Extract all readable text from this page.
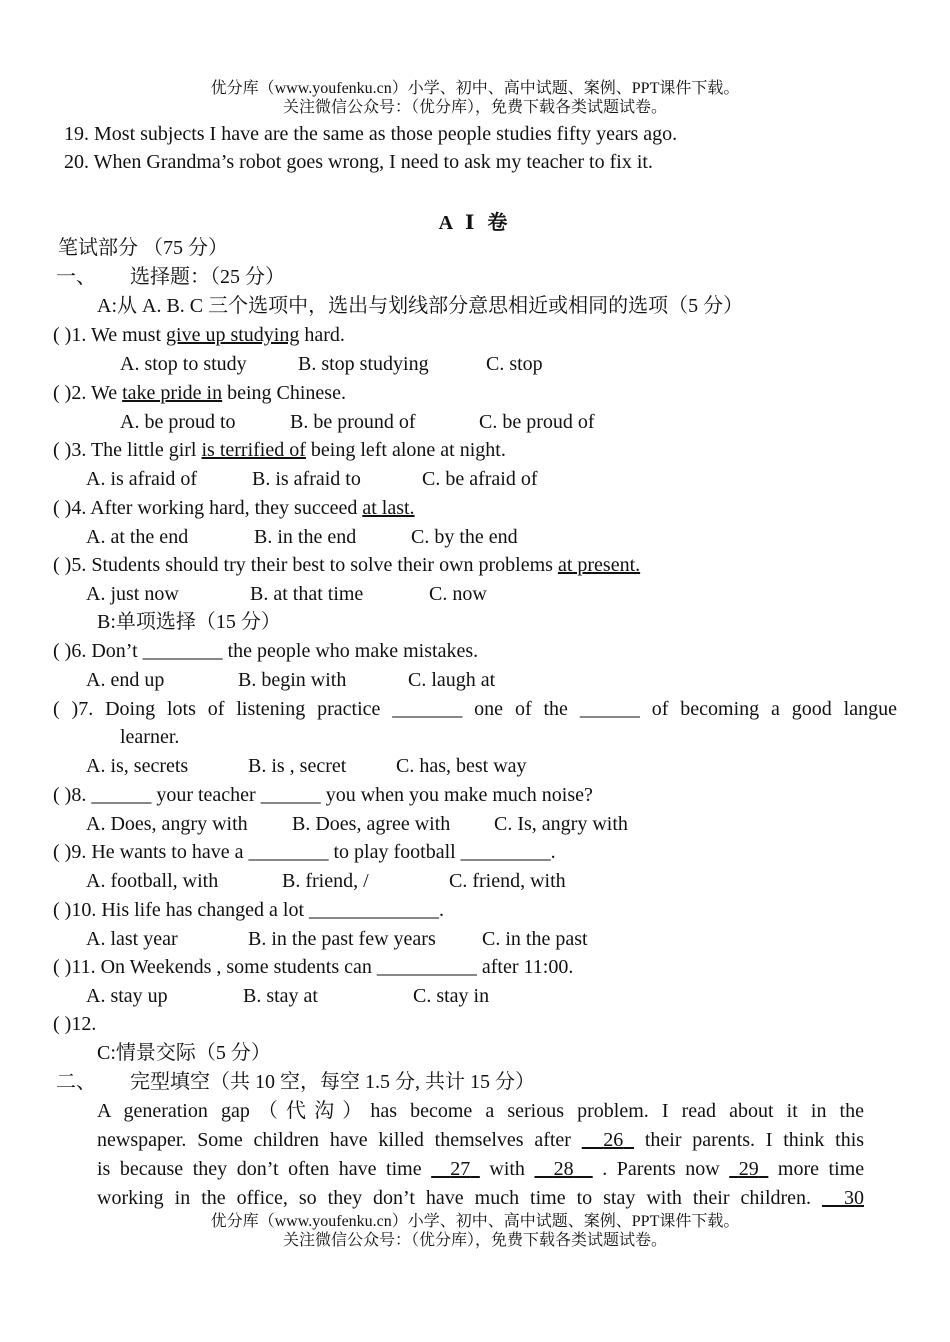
优分库（www.youfenku.cn）小学、初中、高中试题、案例、PPT课件下载。
关注微信公众号：（优分库），免费下载各类试题试卷。
19. Most subjects I have are the same as those people studies fifty years ago.
20. When Grandma’s robot goes wrong, I need to ask my teacher to fix it.
A Ⅰ 卷
笔试部分 （75 分）
一、 选择题：（25 分）
A:从 A. B. C 三个选项中，选出与划线部分意思相近或相同的选项（5 分）
( )1. We must give up studying hard.
A. stop to study	B. stop studying	C. stop
( )2. We take pride in being Chinese.
A. be proud to	B. be pround of	C. be proud of
( )3. The little girl is terrified of being left alone at night.
A. is afraid of	B. is afraid to	C. be afraid of
( )4. After working hard, they succeed at last.
A. at the end	B. in the end	C. by the end
( )5. Students should try their best to solve their own problems at present.
A. just now	B. at that time	C. now
B:单项选择（15 分）
( )6. Don’t ________ the people who make mistakes.
A. end up	B. begin with	C. laugh at
( )7. Doing lots of listening practice _______ one of the ______ of becoming a good langue
learner.
A. is, secrets	B. is , secret C. has, best way
( )8. ______ your teacher ______ you when you make much noise?
A. Does, angry with B. Does, agree with C. Is, angry with
( )9. He wants to have a ________ to play football _________.
A. football, with	B. friend, /	C. friend, with
( )10. His life has changed a lot _____________.
A. last year	B. in the past few years C. in the past
( )11. On Weekends , some students can __________ after 11:00.
A. stay up	B. stay at	C. stay in
( )12.
C:情景交际（5 分）
二、 完型填空（共 10 空，每空 1.5 分, 共计 15 分）
A generation gap（代沟）has become a serious problem. I read about it in the
newspaper. Some children have killed themselves after   26  their parents. I think this
is because they don’t often have time   27  with   28   . Parents now  29  more time
working in the office, so they don’t have much time to stay with their children.   30
优分库（www.youfenku.cn）小学、初中、高中试题、案例、PPT课件下载。
关注微信公众号：（优分库），免费下载各类试题试卷。
